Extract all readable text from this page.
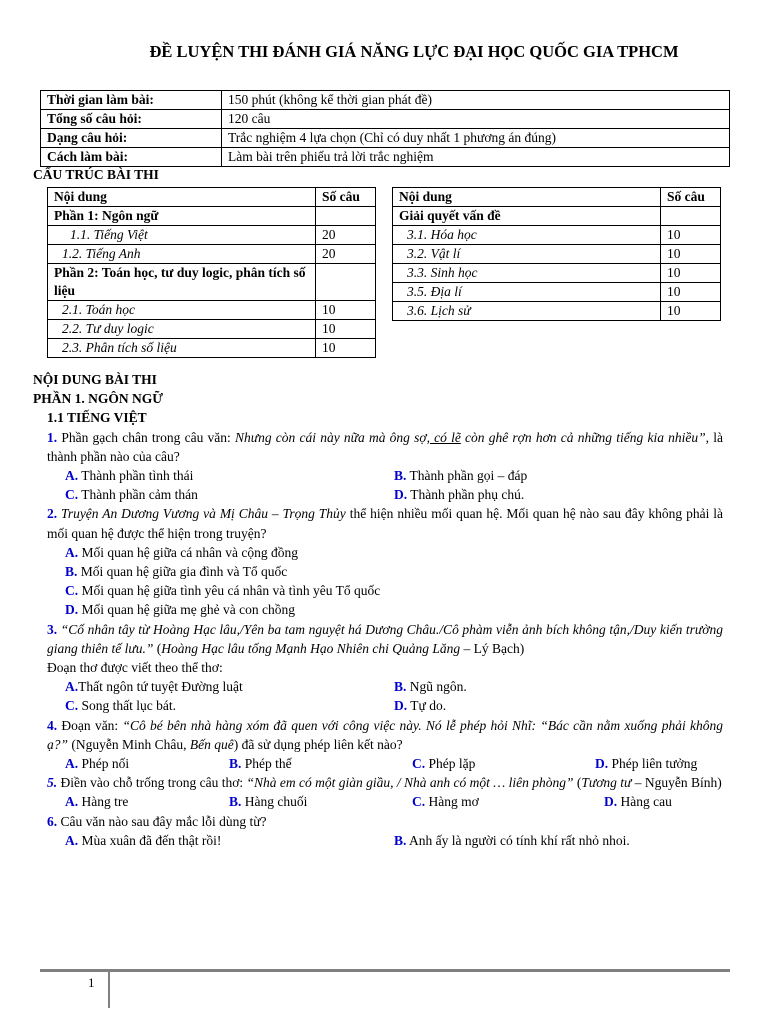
ĐỀ LUYỆN THI ĐÁNH GIÁ NĂNG LỰC ĐẠI HỌC QUỐC GIA TPHCM
Thời gian làm bài:	150 phút (không kể thời gian phát đề)
Tổng số câu hỏi:	120 câu
Dạng câu hỏi:	Trắc nghiệm 4 lựa chọn (Chỉ có duy nhất 1 phương án đúng)
Cách làm bài:	Làm bài trên phiếu trả lời trắc nghiệm
CẤU TRÚC BÀI THI
Nội dung	Số câu
Phần 1: Ngôn ngữ	
1.1. Tiếng Việt	20
1.2. Tiếng Anh	20
Phần 2: Toán học, tư duy logic, phân tích số liệu	
2.1. Toán học	10
2.2. Tư duy logic	10
2.3. Phân tích số liệu	10
Nội dung	Số câu
Giải quyết vấn đề	
3.1. Hóa học	10
3.2. Vật lí	10
3.3. Sinh học	10
3.5. Địa lí	10
3.6. Lịch sử	10
NỘI DUNG BÀI THI
PHẦN 1. NGÔN NGỮ
1.1 TIẾNG VIỆT
1. Phần gạch chân trong câu văn: Nhưng còn cái này nữa mà ông sợ, có lẽ còn ghê rợn hơn cả những tiếng kia nhiều”, là thành phần nào của câu?
A. Thành phần tình thái	B. Thành phần gọi – đáp
C. Thành phần cảm thán	D. Thành phần phụ chú.
2. Truyện An Dương Vương và Mị Châu – Trọng Thủy thể hiện nhiều mối quan hệ. Mối quan hệ nào sau đây không phải là mối quan hệ được thể hiện trong truyện?
A. Mối quan hệ giữa cá nhân và cộng đồng
B. Mối quan hệ giữa gia đình và Tổ quốc
C. Mối quan hệ giữa tình yêu cá nhân và tình yêu Tổ quốc
D. Mối quan hệ giữa mẹ ghẻ và con chồng
3. “Cố nhân tây từ Hoàng Hạc lâu,/Yên ba tam nguyệt há Dương Châu./Cô phàm viễn ảnh bích không tận,/Duy kiến trường giang thiên tế lưu.” (Hoàng Hạc lâu tống Mạnh Hạo Nhiên chi Quảng Lăng – Lý Bạch)
Đoạn thơ được viết theo thể thơ:
A.Thất ngôn tứ tuyệt Đường luật	B. Ngũ ngôn.
C. Song thất lục bát.	D. Tự do.
4. Đoạn văn: “Cô bé bên nhà hàng xóm đã quen với công việc này. Nó lễ phép hỏi Nhĩ: “Bác cần nằm xuống phải không ạ?” (Nguyễn Minh Châu, Bến quê) đã sử dụng phép liên kết nào?
A. Phép nối	B. Phép thế	C. Phép lặp	D. Phép liên tưởng
5. Điền vào chỗ trống trong câu thơ: “Nhà em có một giàn giầu, / Nhà anh có một … liên phòng” (Tương tư – Nguyễn Bính)
A. Hàng tre	B. Hàng chuối	C. Hàng mơ	D. Hàng cau
6. Câu văn nào sau đây mắc lỗi dùng từ?
A. Mùa xuân đã đến thật rồi!	B. Anh ấy là người có tính khí rất nhỏ nhoi.
1
